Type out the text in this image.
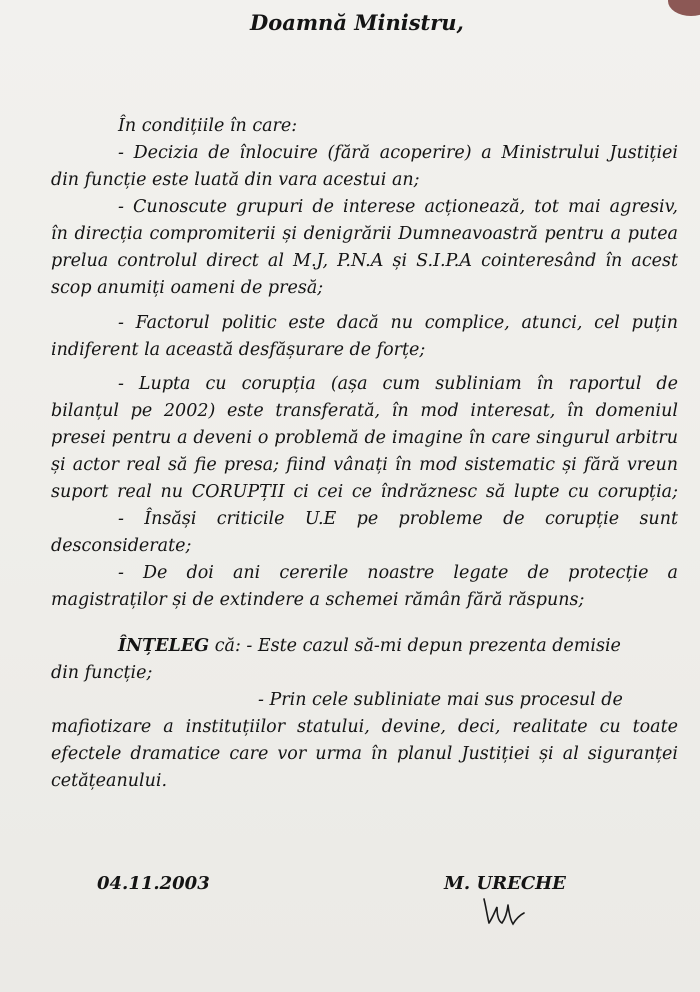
Doamnă Ministru,
În condițiile în care:
- Decizia de înlocuire (fără acoperire) a Ministrului Justiției
din funcție este luată din vara acestui an;
- Cunoscute grupuri de interese acționează, tot mai agresiv,
în direcția compromiterii și denigrării Dumneavoastră pentru a putea
prelua controlul direct al M.J, P.N.A și S.I.P.A cointeresând în acest
scop anumiți oameni de presă;
- Factorul politic este dacă nu complice, atunci, cel puțin
indiferent la această desfășurare de forțe;
- Lupta cu corupția (așa cum subliniam în raportul de
bilanțul pe 2002) este transferată, în mod interesat, în domeniul
presei pentru a deveni o problemă de imagine în care singurul arbitru
și actor real să fie presa; fiind vânați în mod sistematic și fără vreun
suport real nu CORUPȚII ci cei ce îndrăznesc să lupte cu corupția;
- Însăși criticile U.E pe probleme de corupție sunt
desconsiderate;
- De doi ani cererile noastre legate de protecție a
magistraților și de extindere a schemei rămân fără răspuns;
ÎNȚELEG că: - Este cazul să-mi depun prezenta demisie
din funcție;
- Prin cele subliniate mai sus procesul de
mafiotizare a instituțiilor statului, devine, deci, realitate cu toate
efectele dramatice care vor urma în planul Justiției și al siguranței
cetățeanului.
04.11.2003	M. URECHE
